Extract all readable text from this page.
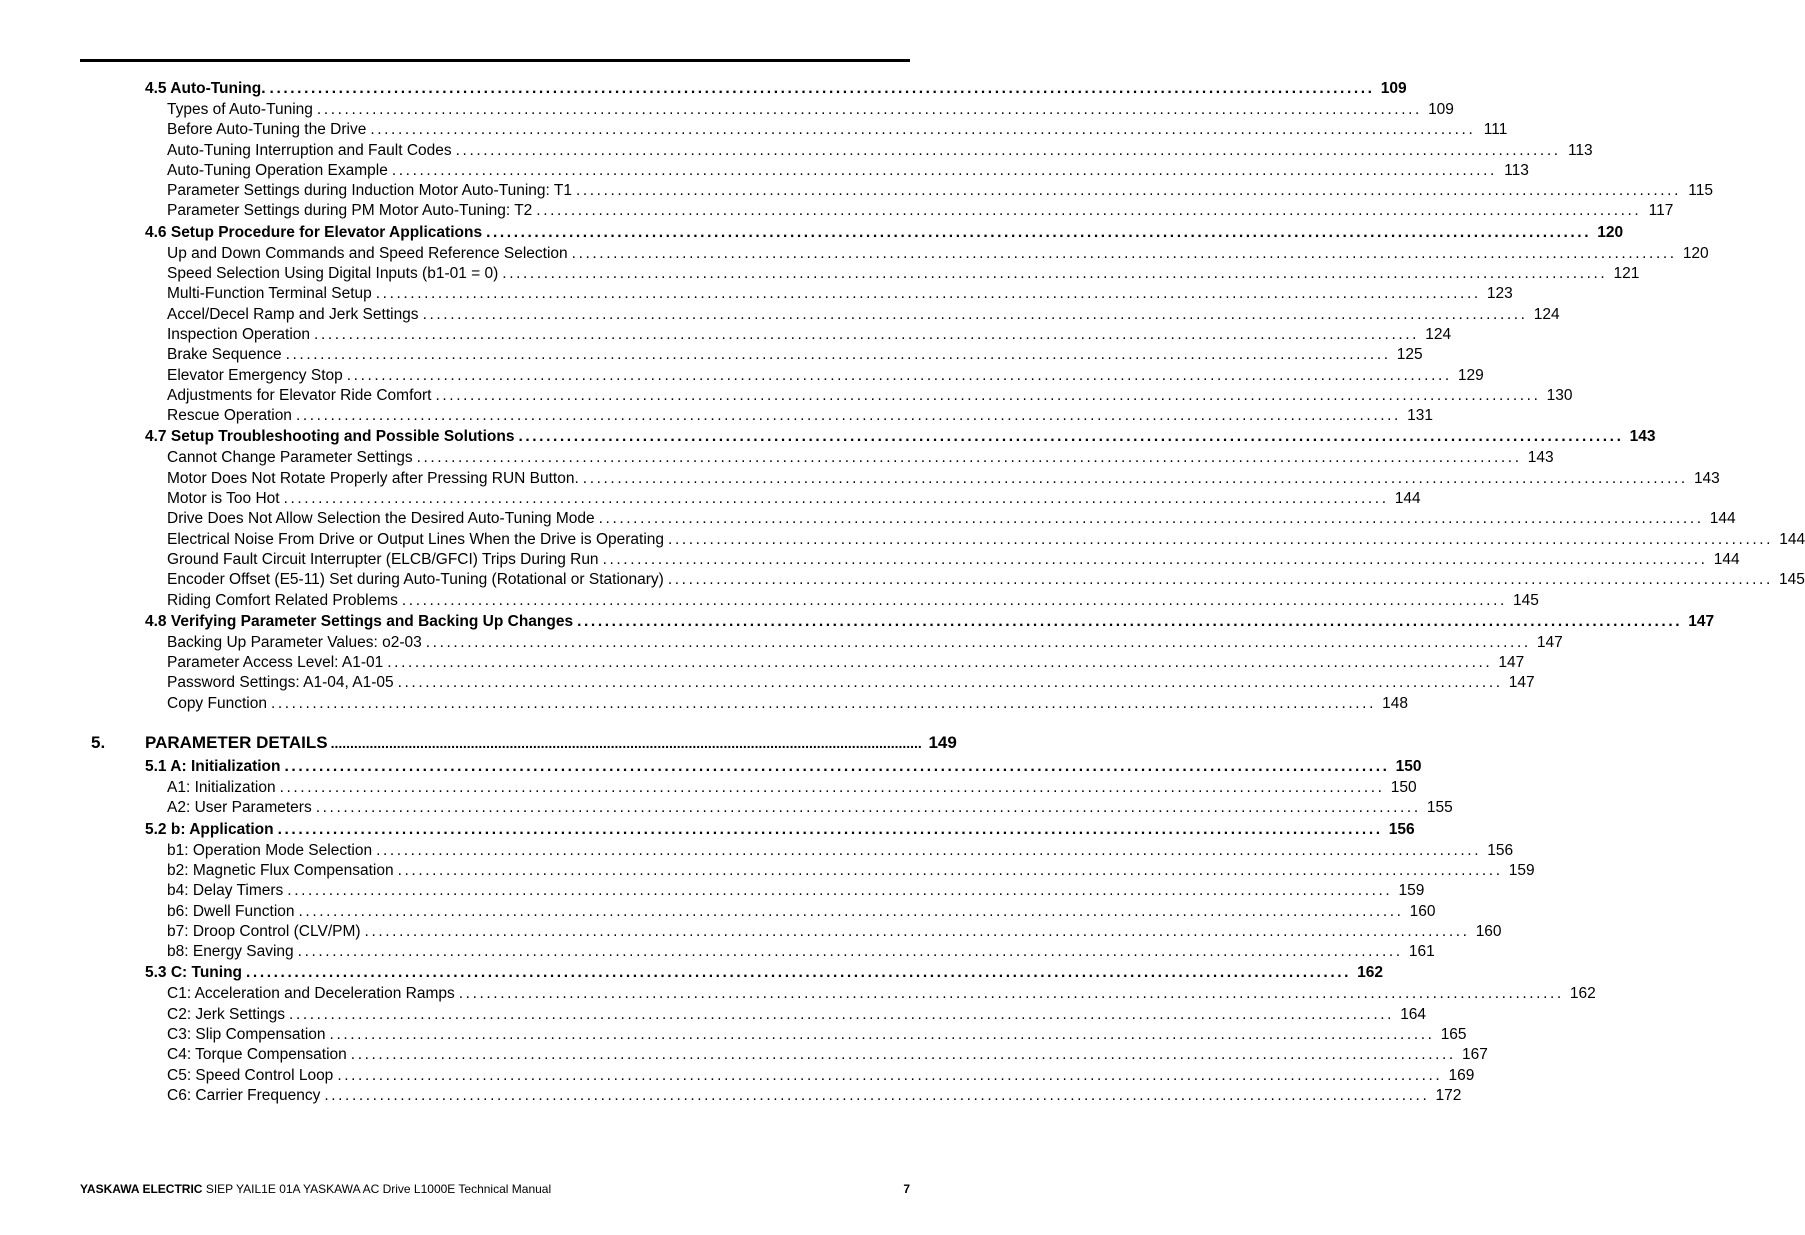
4.5 Auto-Tuning. ................................................................................................................................................................ 109
Types of Auto-Tuning ................................................................................................................................................................ 109
Before Auto-Tuning the Drive ................................................................................................................................................................ 111
Auto-Tuning Interruption and Fault Codes ................................................................................................................................................................ 113
Auto-Tuning Operation Example ................................................................................................................................................................ 113
Parameter Settings during Induction Motor Auto-Tuning: T1 ................................................................................................................................................................ 115
Parameter Settings during PM Motor Auto-Tuning: T2 ................................................................................................................................................................ 117
4.6 Setup Procedure for Elevator Applications ................................................................................................................................................................ 120
Up and Down Commands and Speed Reference Selection ................................................................................................................................................................ 120
Speed Selection Using Digital Inputs (b1-01 = 0) ................................................................................................................................................................ 121
Multi-Function Terminal Setup ................................................................................................................................................................ 123
Accel/Decel Ramp and Jerk Settings ................................................................................................................................................................ 124
Inspection Operation ................................................................................................................................................................ 124
Brake Sequence ................................................................................................................................................................ 125
Elevator Emergency Stop ................................................................................................................................................................ 129
Adjustments for Elevator Ride Comfort ................................................................................................................................................................ 130
Rescue Operation ................................................................................................................................................................ 131
4.7 Setup Troubleshooting and Possible Solutions ................................................................................................................................................................ 143
Cannot Change Parameter Settings ................................................................................................................................................................ 143
Motor Does Not Rotate Properly after Pressing RUN Button. ................................................................................................................................................................ 143
Motor is Too Hot ................................................................................................................................................................ 144
Drive Does Not Allow Selection the Desired Auto-Tuning Mode ................................................................................................................................................................ 144
Electrical Noise From Drive or Output Lines When the Drive is Operating ................................................................................................................................................................ 144
Ground Fault Circuit Interrupter (ELCB/GFCI) Trips During Run ................................................................................................................................................................ 144
Encoder Offset (E5-11) Set during Auto-Tuning (Rotational or Stationary) ................................................................................................................................................................ 145
Riding Comfort Related Problems ................................................................................................................................................................ 145
4.8 Verifying Parameter Settings and Backing Up Changes ................................................................................................................................................................ 147
Backing Up Parameter Values: o2-03 ................................................................................................................................................................ 147
Parameter Access Level: A1-01 ................................................................................................................................................................ 147
Password Settings: A1-04, A1-05 ................................................................................................................................................................ 147
Copy Function ................................................................................................................................................................ 148
5.	PARAMETER DETAILS ........................................................................................................................................................ 149
5.1 A: Initialization ................................................................................................................................................................ 150
A1: Initialization ................................................................................................................................................................ 150
A2: User Parameters ................................................................................................................................................................ 155
5.2 b: Application ................................................................................................................................................................ 156
b1: Operation Mode Selection ................................................................................................................................................................ 156
b2: Magnetic Flux Compensation ................................................................................................................................................................ 159
b4: Delay Timers ................................................................................................................................................................ 159
b6: Dwell Function ................................................................................................................................................................ 160
b7: Droop Control (CLV/PM) ................................................................................................................................................................ 160
b8: Energy Saving ................................................................................................................................................................ 161
5.3 C: Tuning ................................................................................................................................................................ 162
C1: Acceleration and Deceleration Ramps ................................................................................................................................................................ 162
C2: Jerk Settings ................................................................................................................................................................ 164
C3: Slip Compensation ................................................................................................................................................................ 165
C4: Torque Compensation ................................................................................................................................................................ 167
C5: Speed Control Loop ................................................................................................................................................................ 169
C6: Carrier Frequency ................................................................................................................................................................ 172
YASKAWA ELECTRIC SIEP YAIL1E 01A YASKAWA AC Drive L1000E Technical Manual	7
